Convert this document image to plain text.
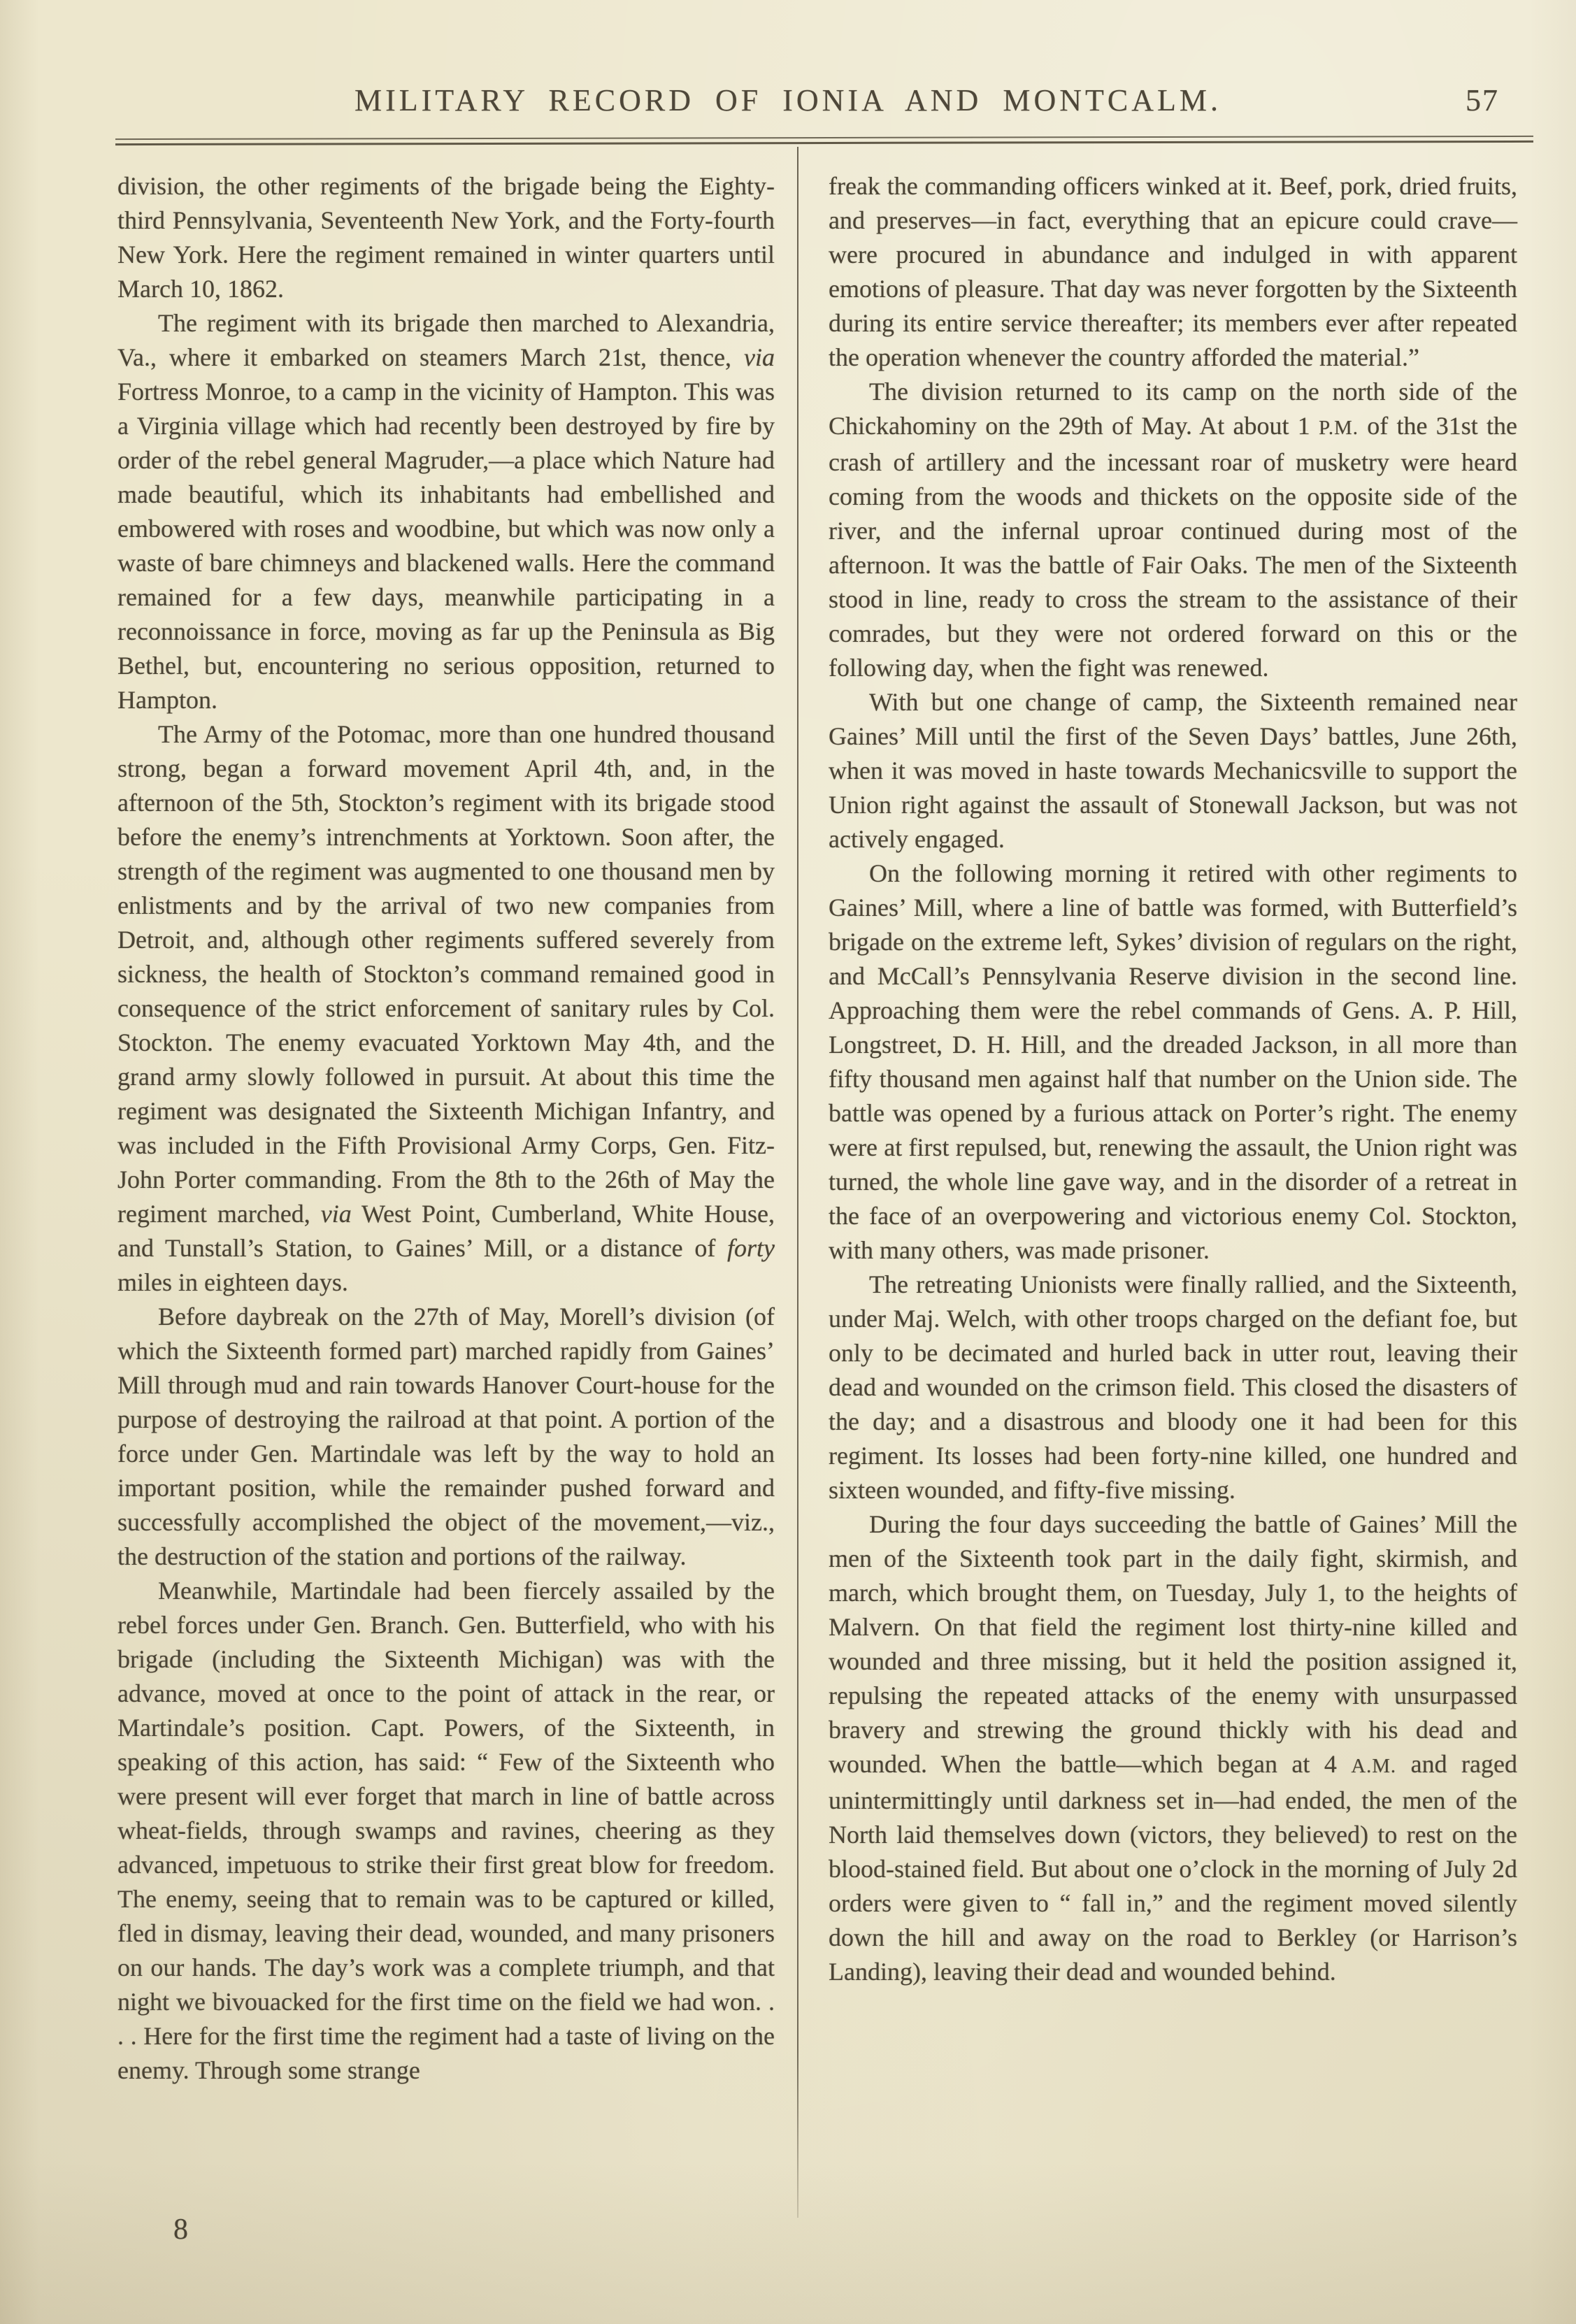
MILITARY RECORD OF IONIA AND MONTCALM.	57

division, the other regiments of the brigade being the Eighty-third Pennsylvania, Seventeenth New York, and the Forty-fourth New York. Here the regiment remained in winter quarters until March 10, 1862.

The regiment with its brigade then marched to Alexandria, Va., where it embarked on steamers March 21st, thence, via Fortress Monroe, to a camp in the vicinity of Hampton. This was a Virginia village which had recently been destroyed by fire by order of the rebel general Magruder,—a place which Nature had made beautiful, which its inhabitants had embellished and embowered with roses and woodbine, but which was now only a waste of bare chimneys and blackened walls. Here the command remained for a few days, meanwhile participating in a reconnoissance in force, moving as far up the Peninsula as Big Bethel, but, encountering no serious opposition, returned to Hampton.

The Army of the Potomac, more than one hundred thousand strong, began a forward movement April 4th, and, in the afternoon of the 5th, Stockton’s regiment with its brigade stood before the enemy’s intrenchments at Yorktown. Soon after, the strength of the regiment was augmented to one thousand men by enlistments and by the arrival of two new companies from Detroit, and, although other regiments suffered severely from sickness, the health of Stockton’s command remained good in consequence of the strict enforcement of sanitary rules by Col. Stockton. The enemy evacuated Yorktown May 4th, and the grand army slowly followed in pursuit. At about this time the regiment was designated the Sixteenth Michigan Infantry, and was included in the Fifth Provisional Army Corps, Gen. Fitz-John Porter commanding. From the 8th to the 26th of May the regiment marched, via West Point, Cumberland, White House, and Tunstall’s Station, to Gaines’ Mill, or a distance of forty miles in eighteen days.

Before daybreak on the 27th of May, Morell’s division (of which the Sixteenth formed part) marched rapidly from Gaines’ Mill through mud and rain towards Hanover Court-house for the purpose of destroying the railroad at that point. A portion of the force under Gen. Martindale was left by the way to hold an important position, while the remainder pushed forward and successfully accomplished the object of the movement,—viz., the destruction of the station and portions of the railway.

Meanwhile, Martindale had been fiercely assailed by the rebel forces under Gen. Branch. Gen. Butterfield, who with his brigade (including the Sixteenth Michigan) was with the advance, moved at once to the point of attack in the rear, or Martindale’s position. Capt. Powers, of the Sixteenth, in speaking of this action, has said: “ Few of the Sixteenth who were present will ever forget that march in line of battle across wheat-fields, through swamps and ravines, cheering as they advanced, impetuous to strike their first great blow for freedom. The enemy, seeing that to remain was to be captured or killed, fled in dismay, leaving their dead, wounded, and many prisoners on our hands. The day’s work was a complete triumph, and that night we bivouacked for the first time on the field we had won. . . . Here for the first time the regiment had a taste of living on the enemy. Through some strange

freak the commanding officers winked at it. Beef, pork, dried fruits, and preserves—in fact, everything that an epicure could crave—were procured in abundance and indulged in with apparent emotions of pleasure. That day was never forgotten by the Sixteenth during its entire service thereafter; its members ever after repeated the operation whenever the country afforded the material.”

The division returned to its camp on the north side of the Chickahominy on the 29th of May. At about 1 P.M. of the 31st the crash of artillery and the incessant roar of musketry were heard coming from the woods and thickets on the opposite side of the river, and the infernal uproar continued during most of the afternoon. It was the battle of Fair Oaks. The men of the Sixteenth stood in line, ready to cross the stream to the assistance of their comrades, but they were not ordered forward on this or the following day, when the fight was renewed.

With but one change of camp, the Sixteenth remained near Gaines’ Mill until the first of the Seven Days’ battles, June 26th, when it was moved in haste towards Mechanicsville to support the Union right against the assault of Stonewall Jackson, but was not actively engaged.

On the following morning it retired with other regiments to Gaines’ Mill, where a line of battle was formed, with Butterfield’s brigade on the extreme left, Sykes’ division of regulars on the right, and McCall’s Pennsylvania Reserve division in the second line. Approaching them were the rebel commands of Gens. A. P. Hill, Longstreet, D. H. Hill, and the dreaded Jackson, in all more than fifty thousand men against half that number on the Union side. The battle was opened by a furious attack on Porter’s right. The enemy were at first repulsed, but, renewing the assault, the Union right was turned, the whole line gave way, and in the disorder of a retreat in the face of an overpowering and victorious enemy Col. Stockton, with many others, was made prisoner.

The retreating Unionists were finally rallied, and the Sixteenth, under Maj. Welch, with other troops charged on the defiant foe, but only to be decimated and hurled back in utter rout, leaving their dead and wounded on the crimson field. This closed the disasters of the day; and a disastrous and bloody one it had been for this regiment. Its losses had been forty-nine killed, one hundred and sixteen wounded, and fifty-five missing.

During the four days succeeding the battle of Gaines’ Mill the men of the Sixteenth took part in the daily fight, skirmish, and march, which brought them, on Tuesday, July 1, to the heights of Malvern. On that field the regiment lost thirty-nine killed and wounded and three missing, but it held the position assigned it, repulsing the repeated attacks of the enemy with unsurpassed bravery and strewing the ground thickly with his dead and wounded. When the battle—which began at 4 A.M. and raged unintermittingly until darkness set in—had ended, the men of the North laid themselves down (victors, they believed) to rest on the blood-stained field. But about one o’clock in the morning of July 2d orders were given to “ fall in,” and the regiment moved silently down the hill and away on the road to Berkley (or Harrison’s Landing), leaving their dead and wounded behind.

8
